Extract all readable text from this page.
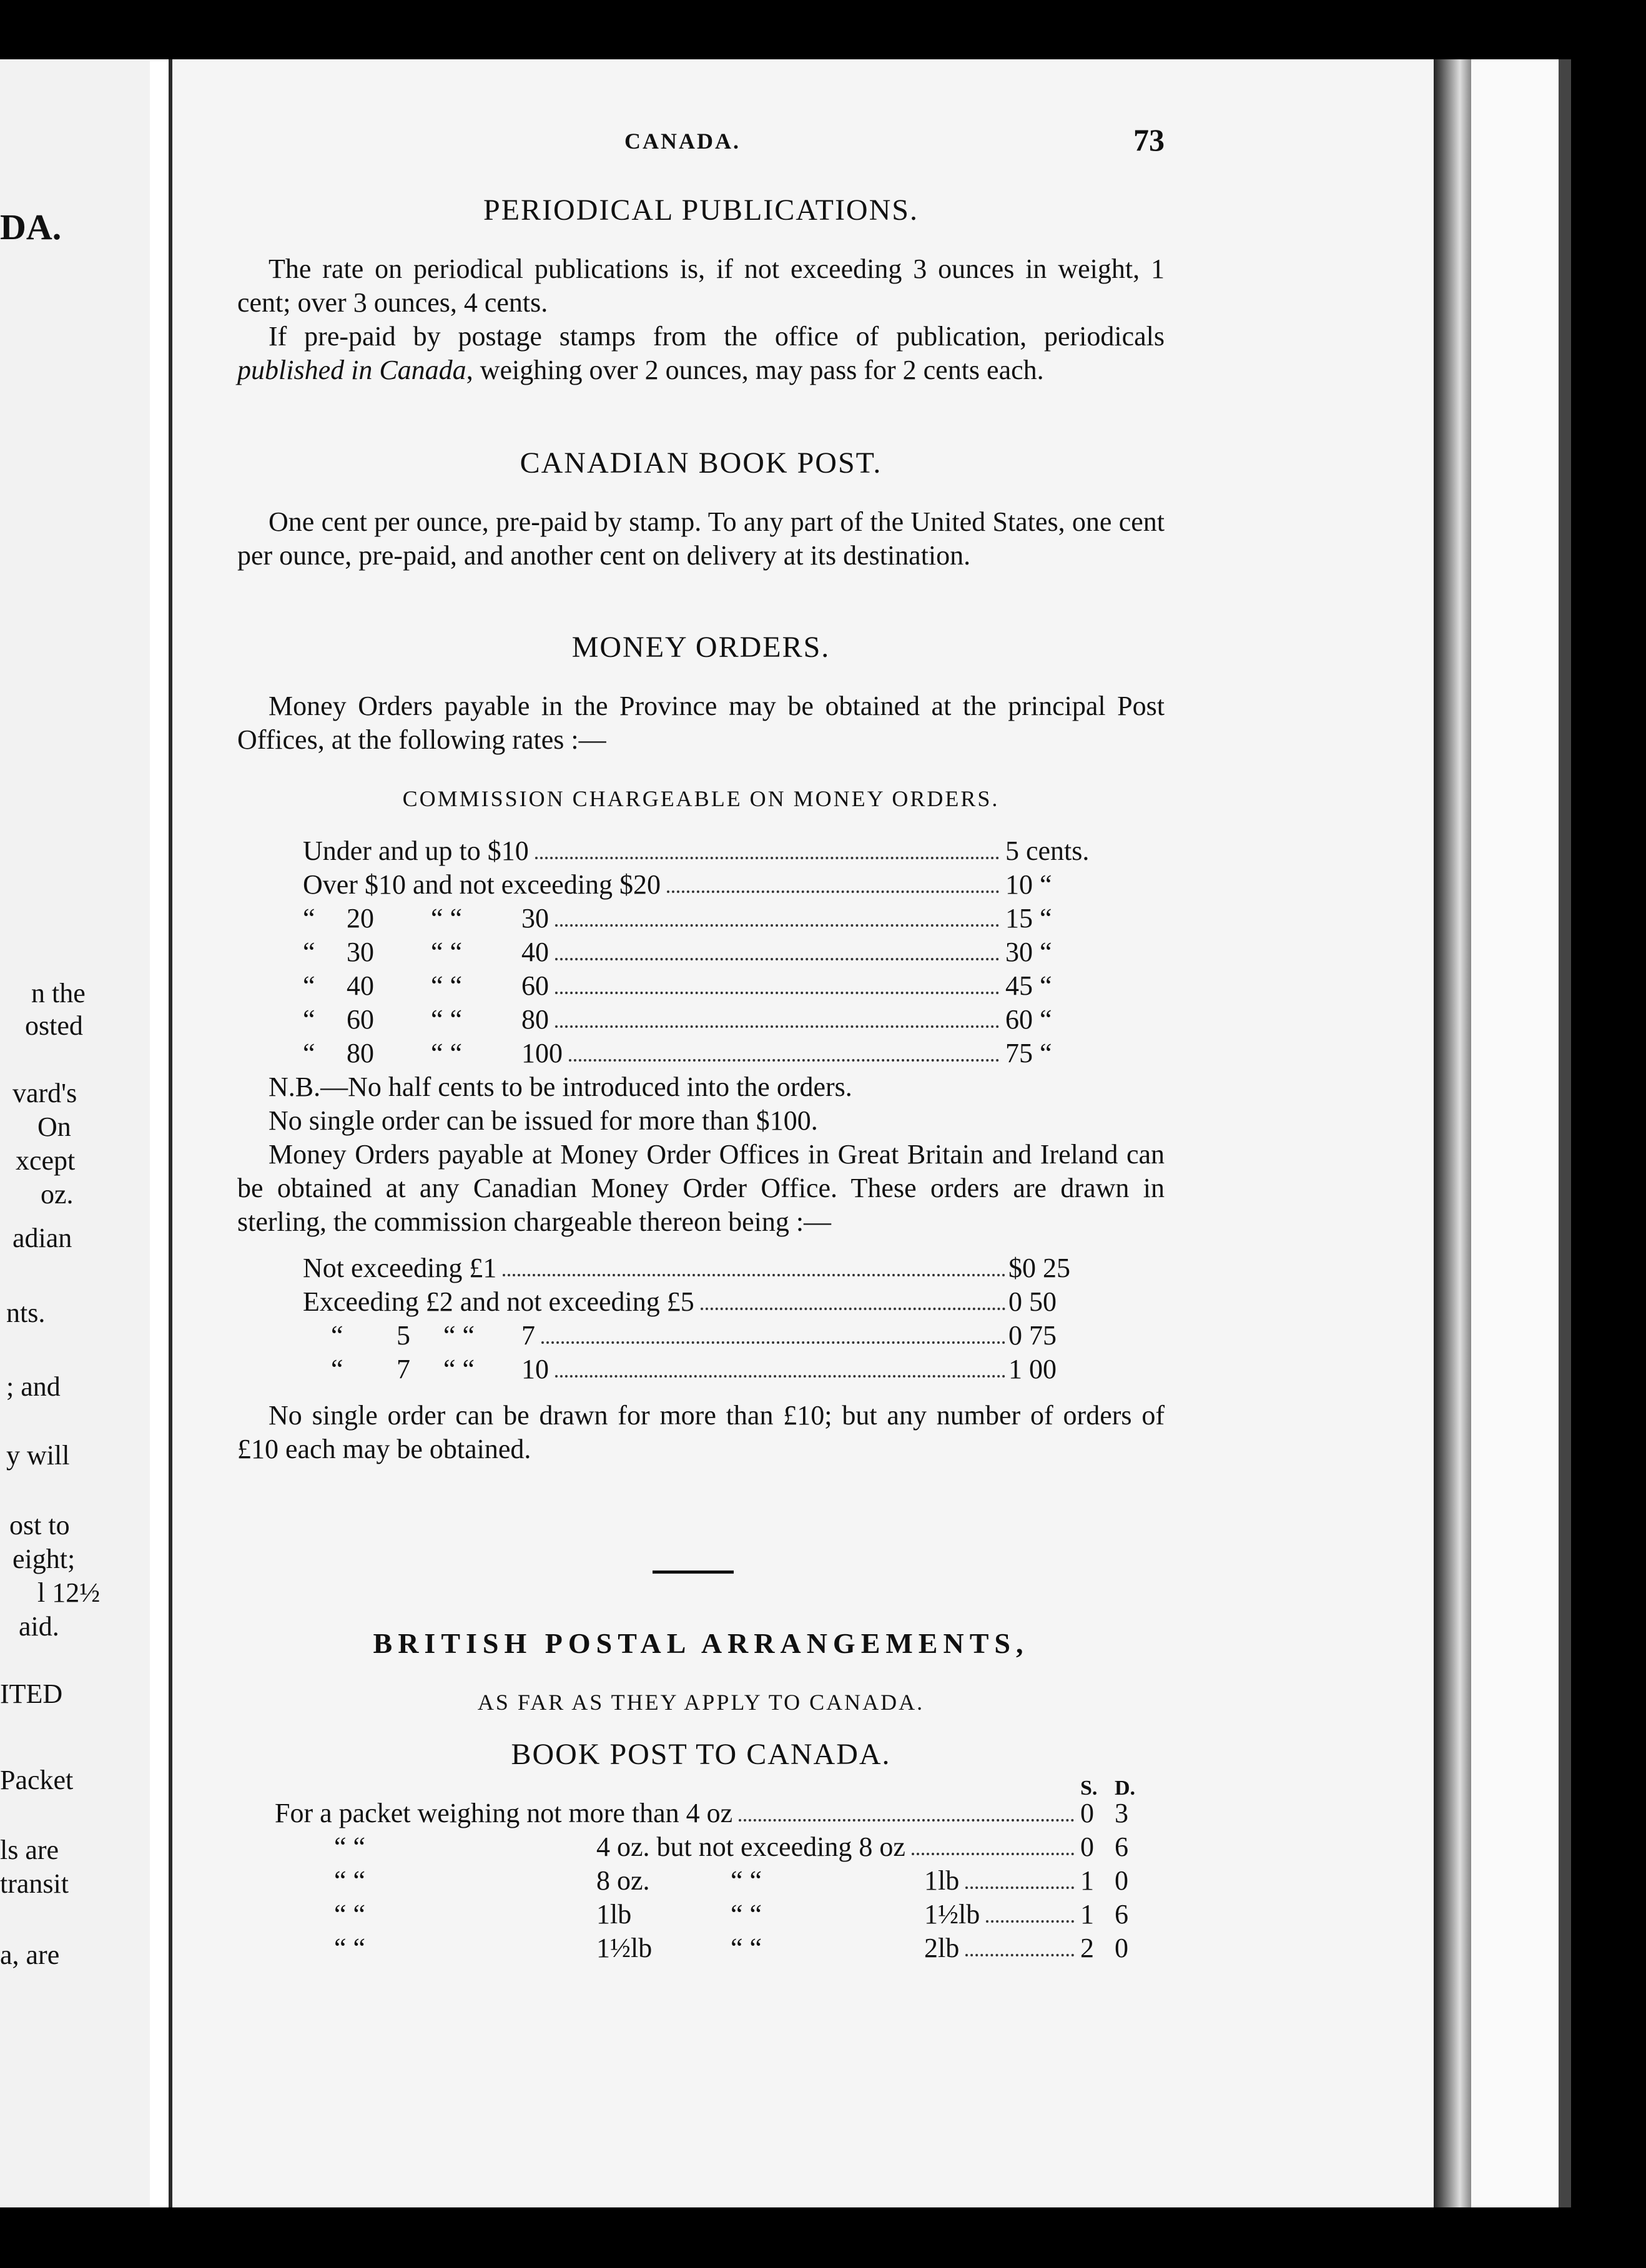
DA.
n the
osted
vard's
On
xcept
oz.
adian
nts.
; and
y will
ost to
eight;
l 12½
aid.
ITED
Packet
ls are
transit
a, are
CANADA.	73
PERIODICAL PUBLICATIONS.

The rate on periodical publications is, if not exceeding 3 ounces in weight, 1 cent; over 3 ounces, 4 cents.

If pre-paid by postage stamps from the office of publication, periodicals published in Canada, weighing over 2 ounces, may pass for 2 cents each.

CANADIAN BOOK POST.

One cent per ounce, pre-paid by stamp. To any part of the United States, one cent per ounce, pre-paid, and another cent on delivery at its destination.

MONEY ORDERS.

Money Orders payable in the Province may be obtained at the principal Post Offices, at the following rates :—

COMMISSION CHARGEABLE ON MONEY ORDERS.
Under and up to $10	5 cents.
Over $10 and not exceeding $20	10 “
“ 20 “ “ 30	15 “
“ 30 “ “ 40	30 “
“ 40 “ “ 60	45 “
“ 60 “ “ 80	60 “
“ 80 “ “ 100	75 “

N.B.—No half cents to be introduced into the orders.

No single order can be issued for more than $100.

Money Orders payable at Money Order Offices in Great Britain and Ireland can be obtained at any Canadian Money Order Office. These orders are drawn in sterling, the commission chargeable thereon being :—

Not exceeding £1	$0 25
Exceeding £2 and not exceeding £5	0 50
“ 5 “ “ 7	0 75
“ 7 “ “ 10	1 00

No single order can be drawn for more than £10; but any number of orders of £10 each may be obtained.

BRITISH POSTAL ARRANGEMENTS,
AS FAR AS THEY APPLY TO CANADA.
BOOK POST TO CANADA.
S. D.
For a packet weighing not more than 4 oz	0 3
“ “	4 oz. but not exceeding 8 oz	0 6
“ “	8 oz.	“ “	1lb	1 0
“ “	1lb	“ “	1½lb	1 6
“ “	1½lb	“ “	2lb	2 0
